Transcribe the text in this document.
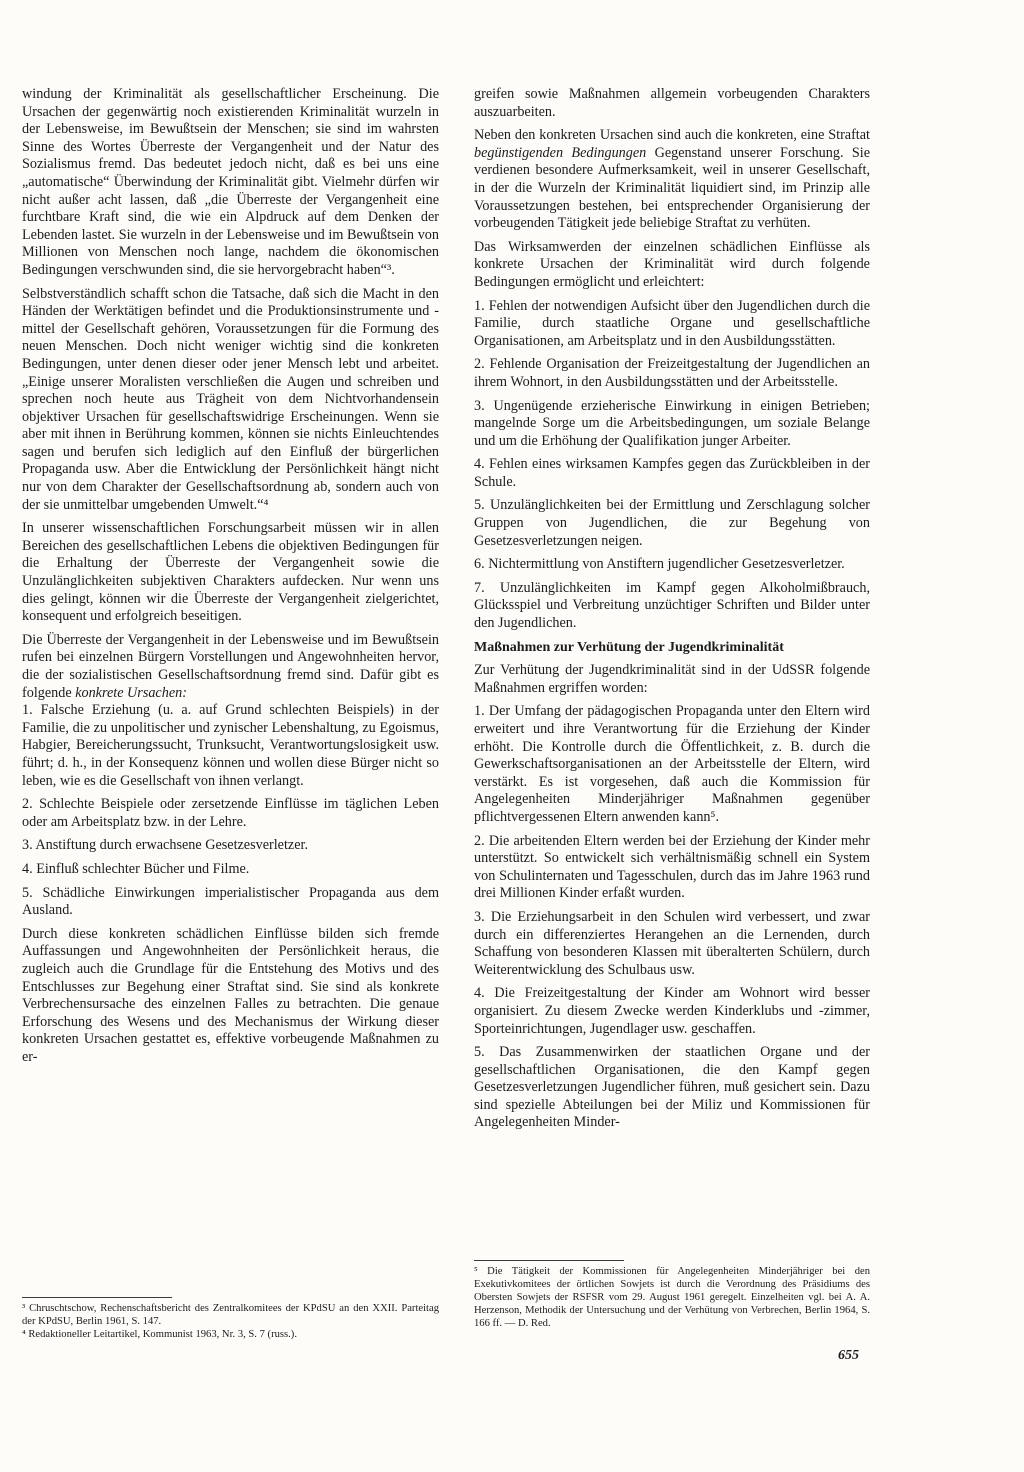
windung der Kriminalität als gesellschaftlicher Erscheinung. Die Ursachen der gegenwärtig noch existierenden Kriminalität wurzeln in der Lebensweise, im Bewußtsein der Menschen; sie sind im wahrsten Sinne des Wortes Überreste der Vergangenheit und der Natur des Sozialismus fremd. Das bedeutet jedoch nicht, daß es bei uns eine „automatische“ Überwindung der Kriminalität gibt. Vielmehr dürfen wir nicht außer acht lassen, daß „die Überreste der Vergangenheit eine furchtbare Kraft sind, die wie ein Alpdruck auf dem Denken der Lebenden lastet. Sie wurzeln in der Lebensweise und im Bewußtsein von Millionen von Menschen noch lange, nachdem die ökonomischen Bedingungen verschwunden sind, die sie hervorgebracht haben“³.

Selbstverständlich schafft schon die Tatsache, daß sich die Macht in den Händen der Werktätigen befindet und die Produktionsinstrumente und -mittel der Gesellschaft gehören, Voraussetzungen für die Formung des neuen Menschen. Doch nicht weniger wichtig sind die konkreten Bedingungen, unter denen dieser oder jener Mensch lebt und arbeitet. „Einige unserer Moralisten verschließen die Augen und schreiben und sprechen noch heute aus Trägheit von dem Nichtvorhandensein objektiver Ursachen für gesellschaftswidrige Erscheinungen. Wenn sie aber mit ihnen in Berührung kommen, können sie nichts Einleuchtendes sagen und berufen sich lediglich auf den Einfluß der bürgerlichen Propaganda usw. Aber die Entwicklung der Persönlichkeit hängt nicht nur von dem Charakter der Gesellschaftsordnung ab, sondern auch von der sie unmittelbar umgebenden Umwelt.“⁴

In unserer wissenschaftlichen Forschungsarbeit müssen wir in allen Bereichen des gesellschaftlichen Lebens die objektiven Bedingungen für die Erhaltung der Überreste der Vergangenheit sowie die Unzulänglichkeiten subjektiven Charakters aufdecken. Nur wenn uns dies gelingt, können wir die Überreste der Vergangenheit zielgerichtet, konsequent und erfolgreich beseitigen.

Die Überreste der Vergangenheit in der Lebensweise und im Bewußtsein rufen bei einzelnen Bürgern Vorstellungen und Angewohnheiten hervor, die der sozialistischen Gesellschaftsordnung fremd sind. Dafür gibt es folgende konkrete Ursachen:

1. Falsche Erziehung (u. a. auf Grund schlechten Beispiels) in der Familie, die zu unpolitischer und zynischer Lebenshaltung, zu Egoismus, Habgier, Bereicherungssucht, Trunksucht, Verantwortungslosigkeit usw. führt; d. h., in der Konsequenz können und wollen diese Bürger nicht so leben, wie es die Gesellschaft von ihnen verlangt.

2. Schlechte Beispiele oder zersetzende Einflüsse im täglichen Leben oder am Arbeitsplatz bzw. in der Lehre.

3. Anstiftung durch erwachsene Gesetzesverletzer.

4. Einfluß schlechter Bücher und Filme.

5. Schädliche Einwirkungen imperialistischer Propaganda aus dem Ausland.

Durch diese konkreten schädlichen Einflüsse bilden sich fremde Auffassungen und Angewohnheiten der Persönlichkeit heraus, die zugleich auch die Grundlage für die Entstehung des Motivs und des Entschlusses zur Begehung einer Straftat sind. Sie sind als konkrete Verbrechensursache des einzelnen Falles zu betrachten. Die genaue Erforschung des Wesens und des Mechanismus der Wirkung dieser konkreten Ursachen gestattet es, effektive vorbeugende Maßnahmen zu er-

³ Chruschtschow, Rechenschaftsbericht des Zentralkomitees der KPdSU an den XXII. Parteitag der KPdSU, Berlin 1961, S. 147.

⁴ Redaktioneller Leitartikel, Kommunist 1963, Nr. 3, S. 7 (russ.).

greifen sowie Maßnahmen allgemein vorbeugenden Charakters auszuarbeiten.

Neben den konkreten Ursachen sind auch die konkreten, eine Straftat begünstigenden Bedingungen Gegenstand unserer Forschung. Sie verdienen besondere Aufmerksamkeit, weil in unserer Gesellschaft, in der die Wurzeln der Kriminalität liquidiert sind, im Prinzip alle Voraussetzungen bestehen, bei entsprechender Organisierung der vorbeugenden Tätigkeit jede beliebige Straftat zu verhüten.

Das Wirksamwerden der einzelnen schädlichen Einflüsse als konkrete Ursachen der Kriminalität wird durch folgende Bedingungen ermöglicht und erleichtert:

1. Fehlen der notwendigen Aufsicht über den Jugendlichen durch die Familie, durch staatliche Organe und gesellschaftliche Organisationen, am Arbeitsplatz und in den Ausbildungsstätten.

2. Fehlende Organisation der Freizeitgestaltung der Jugendlichen an ihrem Wohnort, in den Ausbildungsstätten und der Arbeitsstelle.

3. Ungenügende erzieherische Einwirkung in einigen Betrieben; mangelnde Sorge um die Arbeitsbedingungen, um soziale Belange und um die Erhöhung der Qualifikation junger Arbeiter.

4. Fehlen eines wirksamen Kampfes gegen das Zurückbleiben in der Schule.

5. Unzulänglichkeiten bei der Ermittlung und Zerschlagung solcher Gruppen von Jugendlichen, die zur Begehung von Gesetzesverletzungen neigen.

6. Nichtermittlung von Anstiftern jugendlicher Gesetzesverletzer.

7. Unzulänglichkeiten im Kampf gegen Alkoholmißbrauch, Glücksspiel und Verbreitung unzüchtiger Schriften und Bilder unter den Jugendlichen.

Maßnahmen zur Verhütung der Jugendkriminalität

Zur Verhütung der Jugendkriminalität sind in der UdSSR folgende Maßnahmen ergriffen worden:

1. Der Umfang der pädagogischen Propaganda unter den Eltern wird erweitert und ihre Verantwortung für die Erziehung der Kinder erhöht. Die Kontrolle durch die Öffentlichkeit, z. B. durch die Gewerkschaftsorganisationen an der Arbeitsstelle der Eltern, wird verstärkt. Es ist vorgesehen, daß auch die Kommission für Angelegenheiten Minderjähriger Maßnahmen gegenüber pflichtvergessenen Eltern anwenden kann⁵.

2. Die arbeitenden Eltern werden bei der Erziehung der Kinder mehr unterstützt. So entwickelt sich verhältnismäßig schnell ein System von Schulinternaten und Tagesschulen, durch das im Jahre 1963 rund drei Millionen Kinder erfaßt wurden.

3. Die Erziehungsarbeit in den Schulen wird verbessert, und zwar durch ein differenziertes Herangehen an die Lernenden, durch Schaffung von besonderen Klassen mit überalterten Schülern, durch Weiterentwicklung des Schulbaus usw.

4. Die Freizeitgestaltung der Kinder am Wohnort wird besser organisiert. Zu diesem Zwecke werden Kinderklubs und -zimmer, Sporteinrichtungen, Jugendlager usw. geschaffen.

5. Das Zusammenwirken der staatlichen Organe und der gesellschaftlichen Organisationen, die den Kampf gegen Gesetzesverletzungen Jugendlicher führen, muß gesichert sein. Dazu sind spezielle Abteilungen bei der Miliz und Kommissionen für Angelegenheiten Minder-

⁵ Die Tätigkeit der Kommissionen für Angelegenheiten Minderjähriger bei den Exekutivkomitees der örtlichen Sowjets ist durch die Verordnung des Präsidiums des Obersten Sowjets der RSFSR vom 29. August 1961 geregelt. Einzelheiten vgl. bei A. A. Herzenson, Methodik der Untersuchung und der Verhütung von Verbrechen, Berlin 1964, S. 166 ff. — D. Red.

655
